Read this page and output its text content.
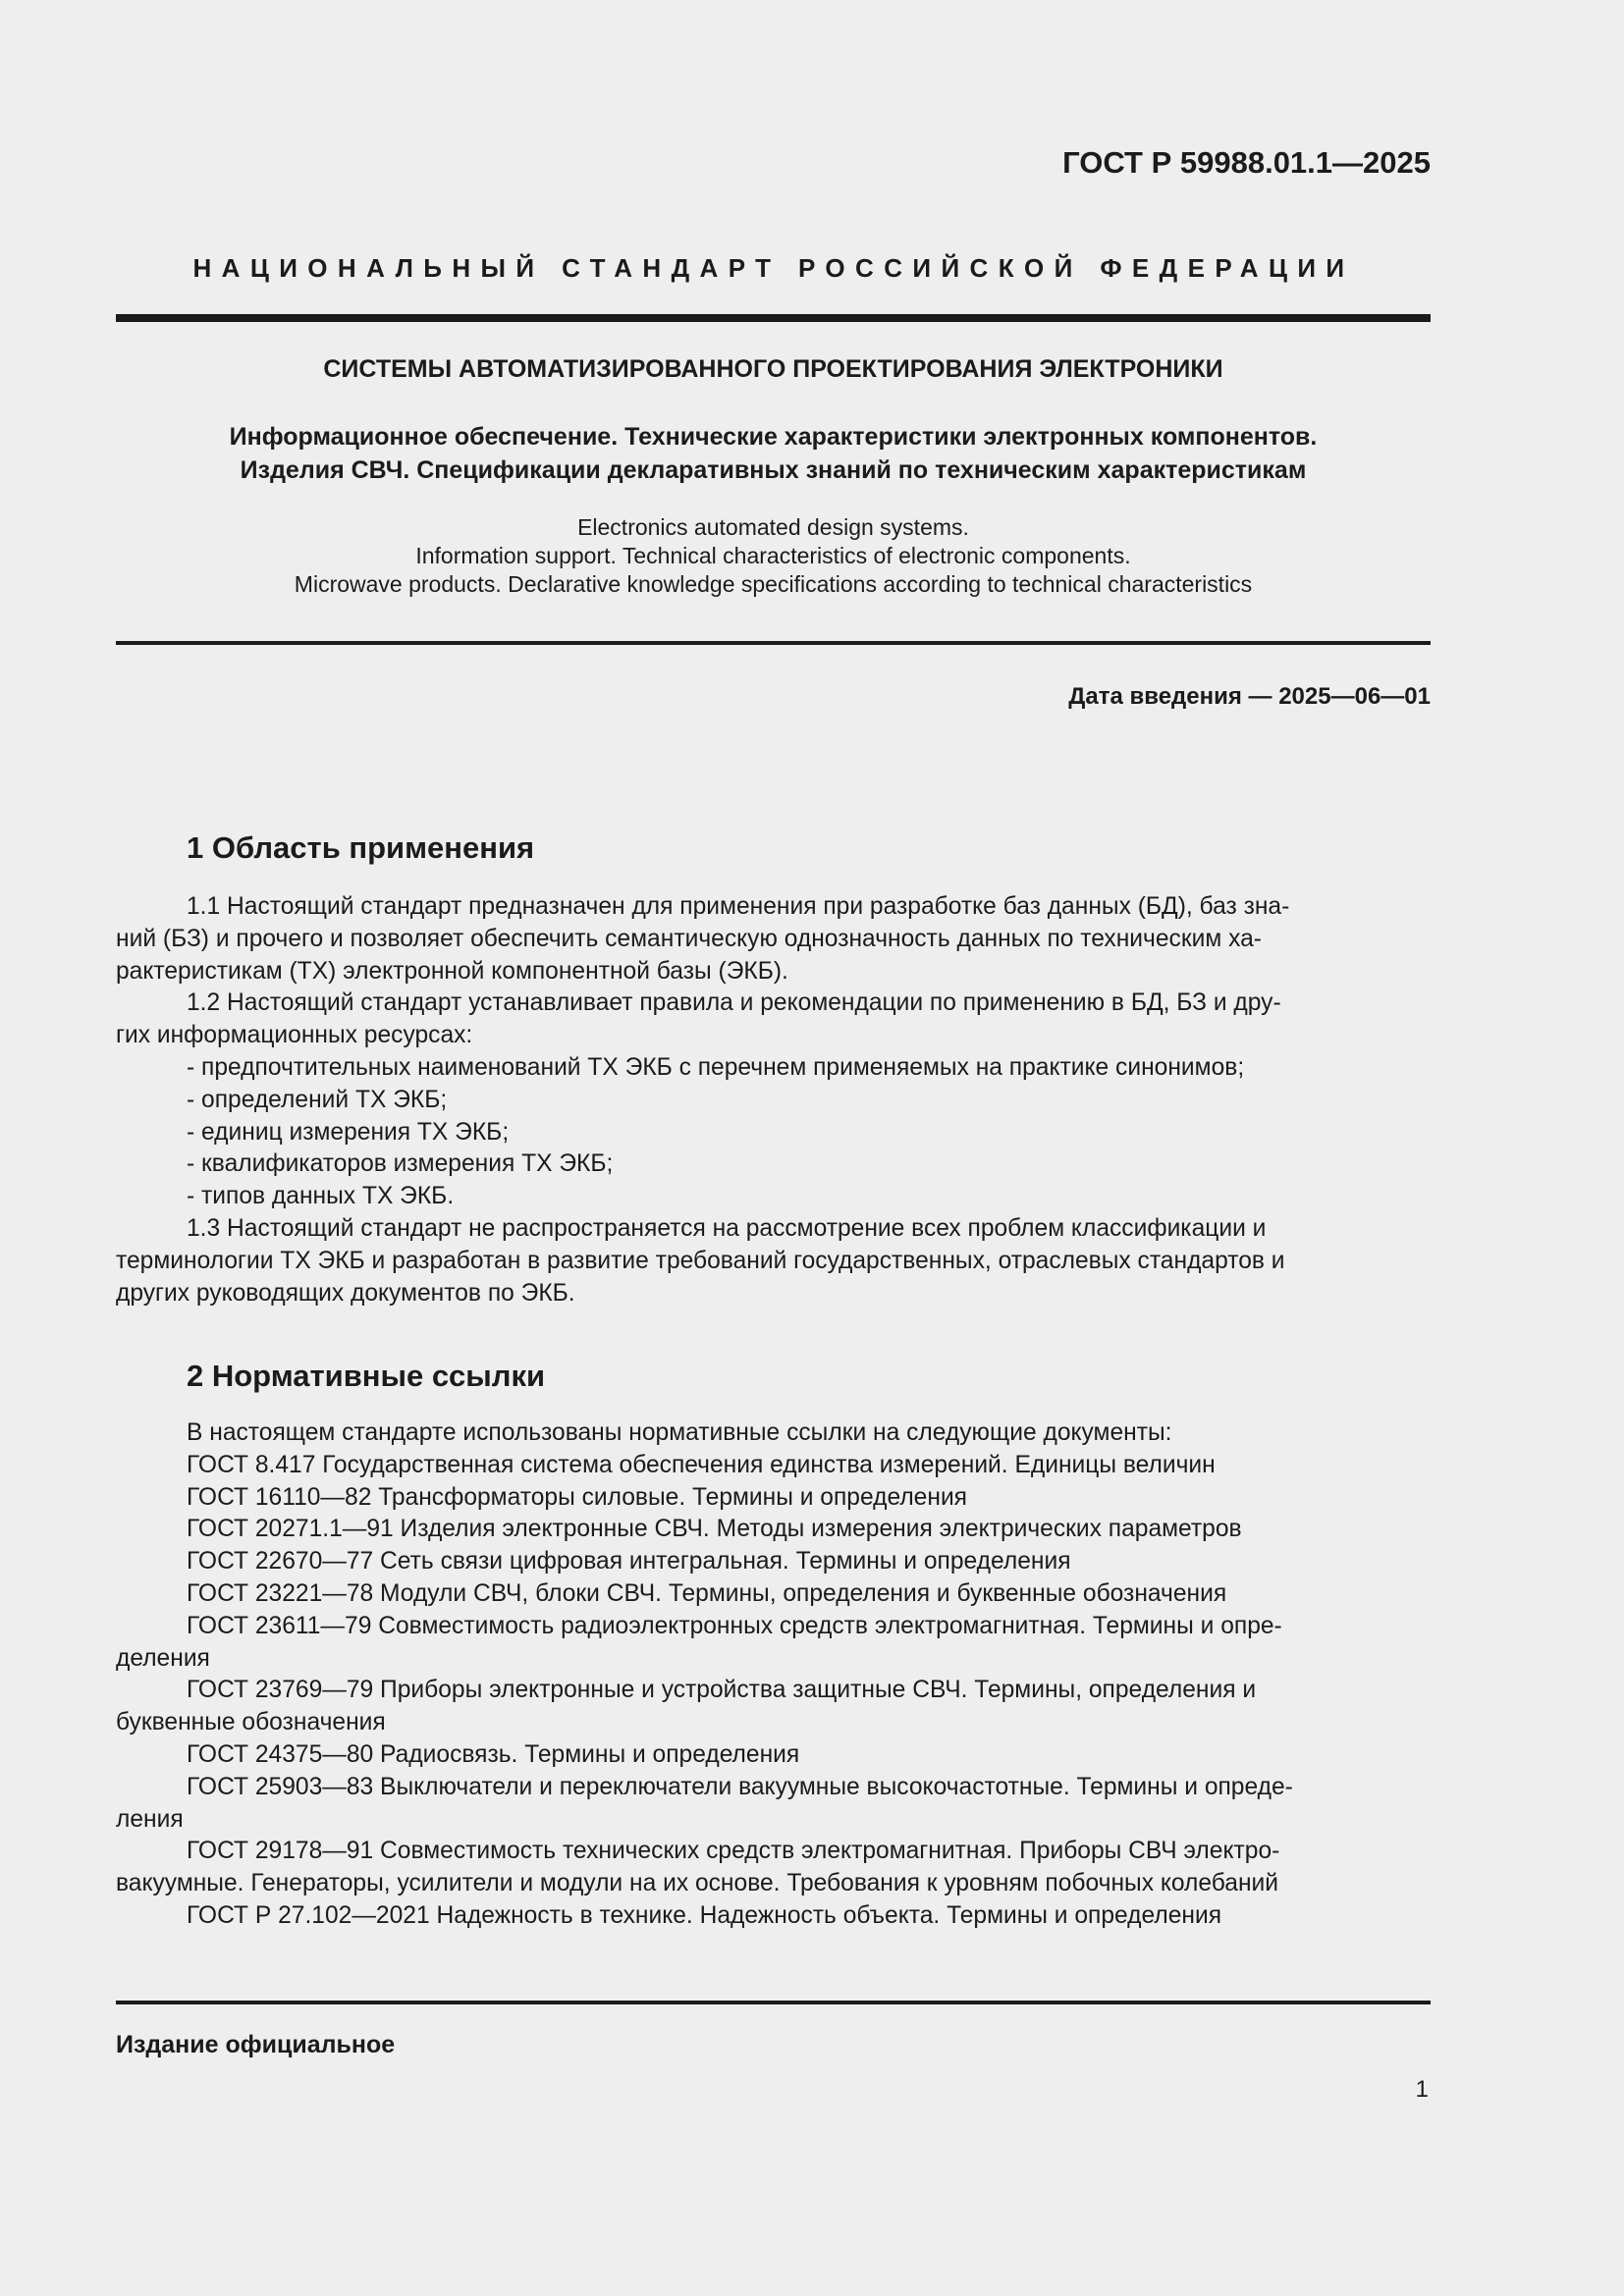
ГОСТ Р 59988.01.1—2025
НАЦИОНАЛЬНЫЙ СТАНДАРТ РОССИЙСКОЙ ФЕДЕРАЦИИ
СИСТЕМЫ АВТОМАТИЗИРОВАННОГО ПРОЕКТИРОВАНИЯ ЭЛЕКТРОНИКИ
Информационное обеспечение. Технические характеристики электронных компонентов.
Изделия СВЧ. Спецификации декларативных знаний по техническим характеристикам
Electronics automated design systems.
Information support. Technical characteristics of electronic components.
Microwave products. Declarative knowledge specifications according to technical characteristics
Дата введения — 2025—06—01
1 Область применения

1.1 Настоящий стандарт предназначен для применения при разработке баз данных (БД), баз зна-

ний (БЗ) и прочего и позволяет обеспечить семантическую однозначность данных по техническим ха-

рактеристикам (ТХ) электронной компонентной базы (ЭКБ).

1.2 Настоящий стандарт устанавливает правила и рекомендации по применению в БД, БЗ и дру-

гих информационных ресурсах:

- предпочтительных наименований ТХ ЭКБ с перечнем применяемых на практике синонимов;

- определений ТХ ЭКБ;

- единиц измерения ТХ ЭКБ;

- квалификаторов измерения ТХ ЭКБ;

- типов данных ТХ ЭКБ.

1.3 Настоящий стандарт не распространяется на рассмотрение всех проблем классификации и

терминологии ТХ ЭКБ и разработан в развитие требований государственных, отраслевых стандартов и

других руководящих документов по ЭКБ.

2 Нормативные ссылки

В настоящем стандарте использованы нормативные ссылки на следующие документы:

ГОСТ 8.417 Государственная система обеспечения единства измерений. Единицы величин

ГОСТ 16110—82 Трансформаторы силовые. Термины и определения

ГОСТ 20271.1—91 Изделия электронные СВЧ. Методы измерения электрических параметров

ГОСТ 22670—77 Сеть связи цифровая интегральная. Термины и определения

ГОСТ 23221—78 Модули СВЧ, блоки СВЧ. Термины, определения и буквенные обозначения

ГОСТ 23611—79 Совместимость радиоэлектронных средств электромагнитная. Термины и опре-

деления

ГОСТ 23769—79 Приборы электронные и устройства защитные СВЧ. Термины, определения и

буквенные обозначения

ГОСТ 24375—80 Радиосвязь. Термины и определения

ГОСТ 25903—83 Выключатели и переключатели вакуумные высокочастотные. Термины и опреде-

ления

ГОСТ 29178—91 Совместимость технических средств электромагнитная. Приборы СВЧ электро-

вакуумные. Генераторы, усилители и модули на их основе. Требования к уровням побочных колебаний

ГОСТ Р 27.102—2021 Надежность в технике. Надежность объекта. Термины и определения

Издание официальное
1
